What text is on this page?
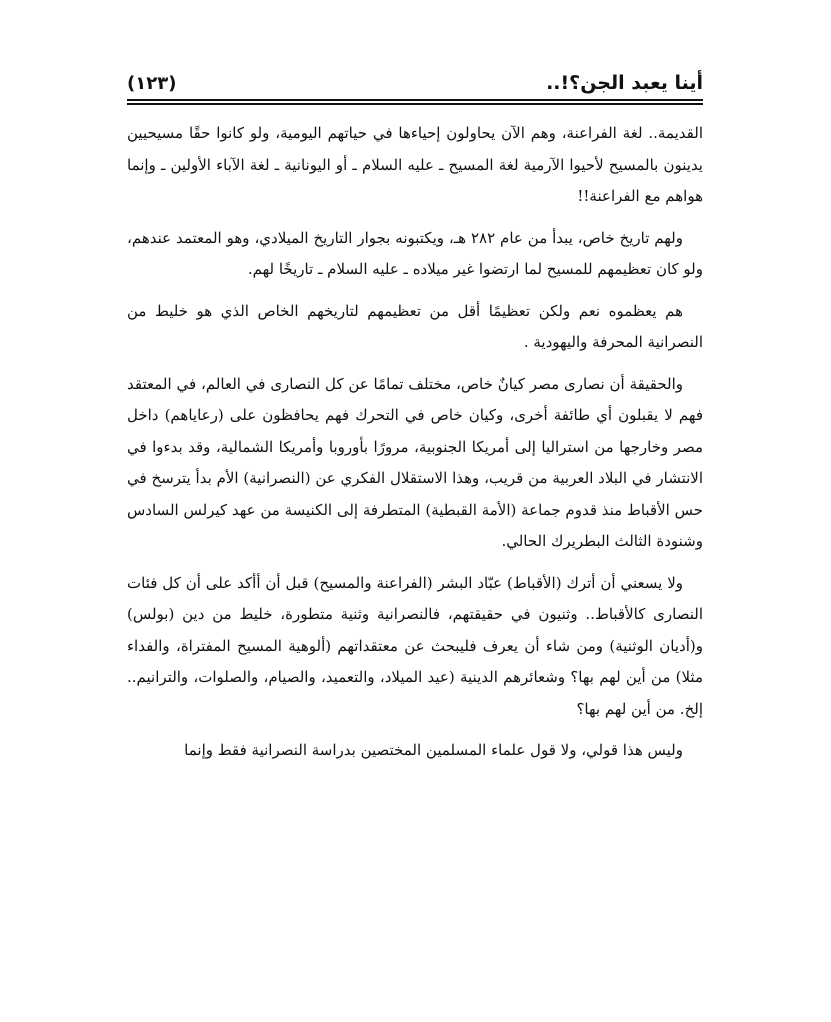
أينا يعبد الجن؟!..
(١٢٣)

القديمة.. لغة الفراعنة، وهم الآن يحاولون إحياءها في حياتهم اليومية، ولو كانوا حقًا مسيحيين يدينون بالمسيح لأحيوا الآرمية لغة المسيح ـ عليه السلام ـ أو اليونانية ـ لغة الآباء الأولين ـ وإنما هواهم مع الفراعنة!!

ولهم تاريخ خاص، يبدأ من عام ٢٨٢ هـ، ويكتبونه بجوار التاريخ الميلادي، وهو المعتمد عندهم، ولو كان تعظيمهم للمسيح لما ارتضوا غير ميلاده ـ عليه السلام ـ تاريخًا لهم.

هم يعظموه نعم ولكن تعظيمًا أقل من تعظيمهم لتاريخهم الخاص الذي هو خليط من النصرانية المحرفة واليهودية .

والحقيقة أن نصارى مصر كيانٌ خاص، مختلف تمامًا عن كل النصارى في العالم، في المعتقد فهم لا يقبلون أي طائفة أخرى، وكيان خاص في التحرك فهم يحافظون على (رعاياهم) داخل مصر وخارجها من استراليا إلى أمريكا الجنوبية، مرورًا بأوروبا وأمريكا الشمالية، وقد بدءوا في الانتشار في البلاد العربية من قريب، وهذا الاستقلال الفكري عن (النصرانية) الأم بدأ يترسخ في حس الأقباط منذ قدوم جماعة (الأمة القبطية) المتطرفة إلى الكنيسة من عهد كيرلس السادس وشنودة الثالث البطريرك الحالي.

ولا يسعني أن أترك (الأقباط) عبّاد البشر (الفراعنة والمسيح) قبل أن أأكد على أن كل فئات النصارى كالأقباط.. وثنيون في حقيقتهم، فالنصرانية وثنية متطورة، خليط من دين (بولس) و(أديان الوثنية) ومن شاء أن يعرف فليبحث عن معتقداتهم (ألوهية المسيح المفتراة، والفداء مثلا) من أين لهم بها؟ وشعائرهم الدينية (عيد الميلاد، والتعميد، والصيام، والصلوات، والترانيم.. إلخ. من أين لهم بها؟

وليس هذا قولي، ولا قول علماء المسلمين المختصين بدراسة النصرانية فقط وإنما
